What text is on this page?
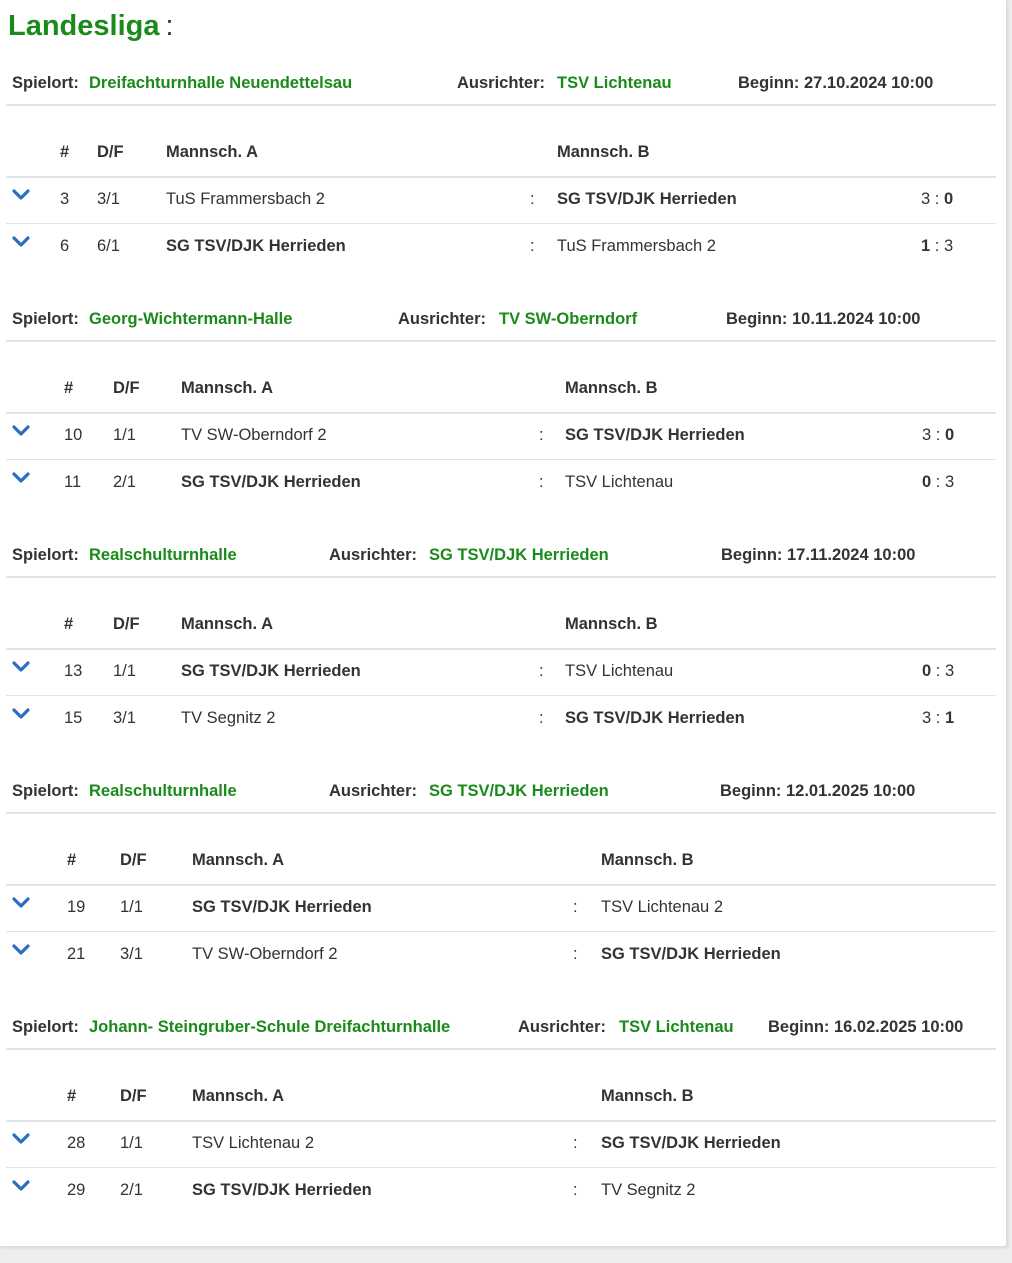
Landesliga :
Spielort: Dreifachturnhalle Neuendettelsau	Ausrichter: TSV Lichtenau	Beginn: 27.10.2024 10:00
# D/F	Mannsch. A	Mannsch. B
3 3/1	TuS Frammersbach 2	: SG TSV/DJK Herrieden	3 : 0
6 6/1	SG TSV/DJK Herrieden	: TuS Frammersbach 2	1 : 3
Spielort: Georg-Wichtermann-Halle	Ausrichter: TV SW-Oberndorf	Beginn: 10.11.2024 10:00
# D/F	Mannsch. A	Mannsch. B
10 1/1	TV SW-Oberndorf 2	: SG TSV/DJK Herrieden	3 : 0
11 2/1	SG TSV/DJK Herrieden	: TSV Lichtenau	0 : 3
Spielort: Realschulturnhalle	Ausrichter: SG TSV/DJK Herrieden	Beginn: 17.11.2024 10:00
# D/F	Mannsch. A	Mannsch. B
13 1/1	SG TSV/DJK Herrieden	: TSV Lichtenau	0 : 3
15 3/1	TV Segnitz 2	: SG TSV/DJK Herrieden	3 : 1
Spielort: Realschulturnhalle	Ausrichter: SG TSV/DJK Herrieden	Beginn: 12.01.2025 10:00
#	D/F	Mannsch. A	Mannsch. B
19 1/1	SG TSV/DJK Herrieden	: TSV Lichtenau 2
21 3/1	TV SW-Oberndorf 2	: SG TSV/DJK Herrieden
Spielort: Johann- Steingruber-Schule Dreifachturnhalle	Ausrichter: TSV Lichtenau Beginn: 16.02.2025 10:00
#	D/F	Mannsch. A	Mannsch. B
28 1/1	TSV Lichtenau 2	: SG TSV/DJK Herrieden
29 2/1	SG TSV/DJK Herrieden	: TV Segnitz 2
